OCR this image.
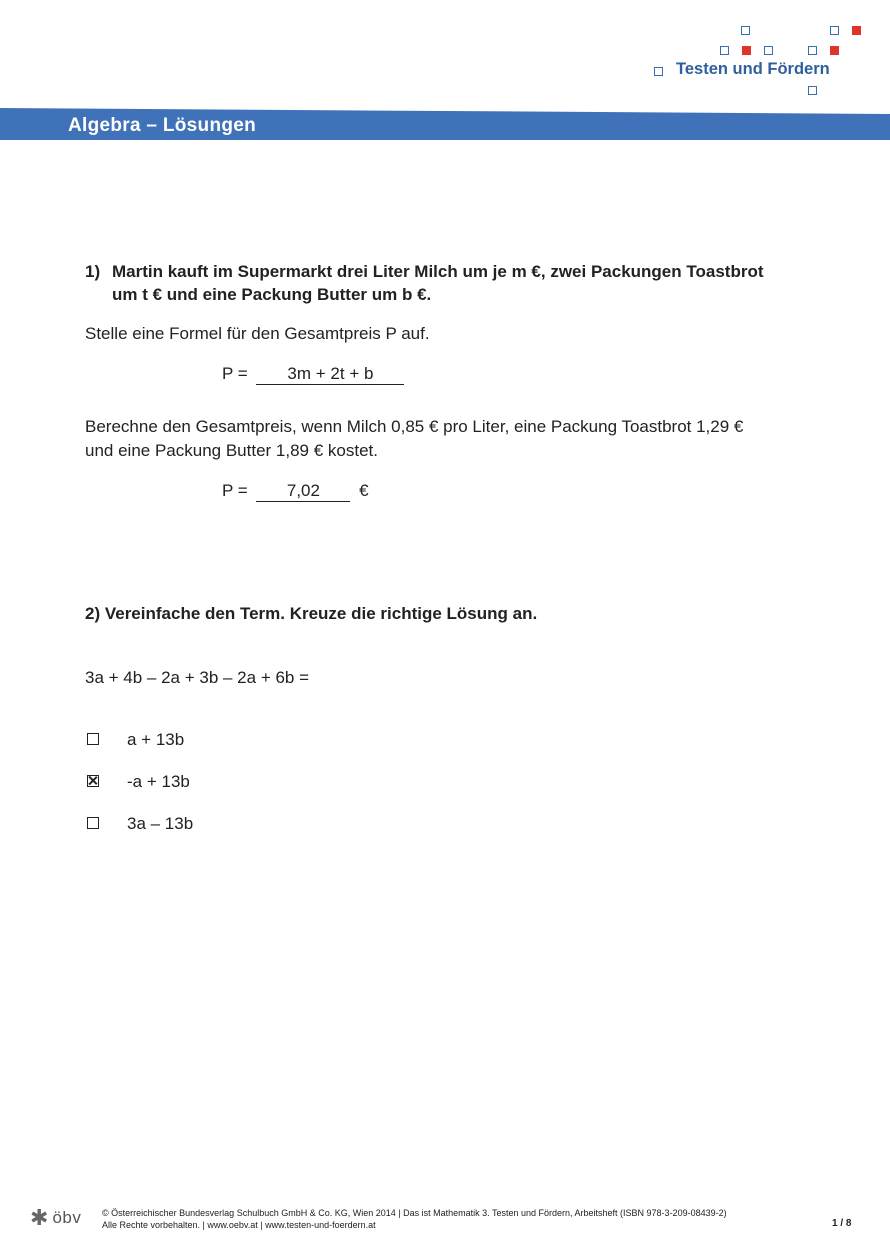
Testen und Fördern
Algebra – Lösungen
1) Martin kauft im Supermarkt drei Liter Milch um je m €, zwei Packungen Toastbrot
um t € und eine Packung Butter um b €.
Stelle eine Formel für den Gesamtpreis P auf.
P = 3m + 2t + b
Berechne den Gesamtpreis, wenn Milch 0,85 € pro Liter, eine Packung Toastbrot 1,29 €
und eine Packung Butter 1,89 € kostet.
P = 7,02 €
2) Vereinfache den Term. Kreuze die richtige Lösung an.
3a + 4b – 2a + 3b – 2a + 6b =
a + 13b
-a + 13b
3a – 13b
✱ öbv © Österreichischer Bundesverlag Schulbuch GmbH & Co. KG, Wien 2014 | Das ist Mathematik 3. Testen und Fördern, Arbeitsheft (ISBN 978-3-209-08439-2)
Alle Rechte vorbehalten. | www.oebv.at | www.testen-und-foerdern.at	1 / 8
